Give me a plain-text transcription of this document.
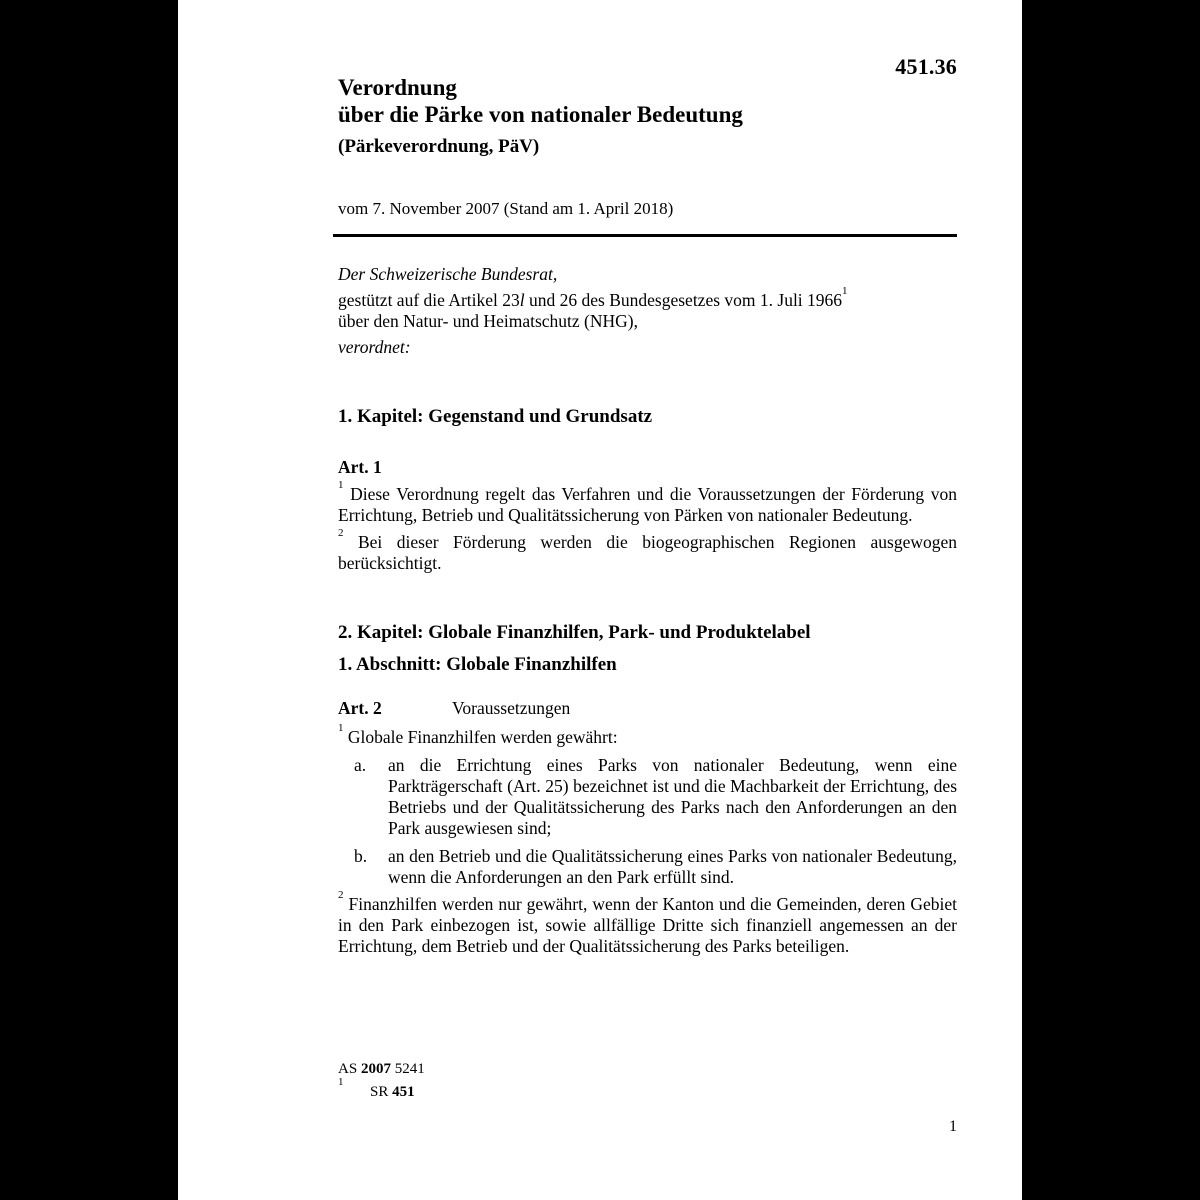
451.36
Verordnung
über die Pärke von nationaler Bedeutung
(Pärkeverordnung, PäV)
vom 7. November 2007 (Stand am 1. April 2018)
Der Schweizerische Bundesrat,
gestützt auf die Artikel 23l und 26 des Bundesgesetzes vom 1. Juli 1966$^1$
über den Natur- und Heimatschutz (NHG),
verordnet:
1. Kapitel: Gegenstand und Grundsatz
Art. 1

$^1$ Diese Verordnung regelt das Verfahren und die Voraussetzungen der Förderung von Errichtung, Betrieb und Qualitätssicherung von Pärken von nationaler Bedeutung.

$^2$ Bei dieser Förderung werden die biogeographischen Regionen ausgewogen berücksichtigt.

2. Kapitel: Globale Finanzhilfen, Park- und Produktelabel
1. Abschnitt: Globale Finanzhilfen
Art. 2	Voraussetzungen

$^1$ Globale Finanzhilfen werden gewährt:

a.	an die Errichtung eines Parks von nationaler Bedeutung, wenn eine Parkträgerschaft (Art. 25) bezeichnet ist und die Machbarkeit der Errichtung, des Betriebs und der Qualitätssicherung des Parks nach den Anforderungen an den Park ausgewiesen sind;
b.	an den Betrieb und die Qualitätssicherung eines Parks von nationaler Bedeutung, wenn die Anforderungen an den Park erfüllt sind.

$^2$ Finanzhilfen werden nur gewährt, wenn der Kanton und die Gemeinden, deren Gebiet in den Park einbezogen ist, sowie allfällige Dritte sich finanziell angemessen an der Errichtung, dem Betrieb und der Qualitätssicherung des Parks beteiligen.

AS 2007 5241
$^1$SR 451
1
